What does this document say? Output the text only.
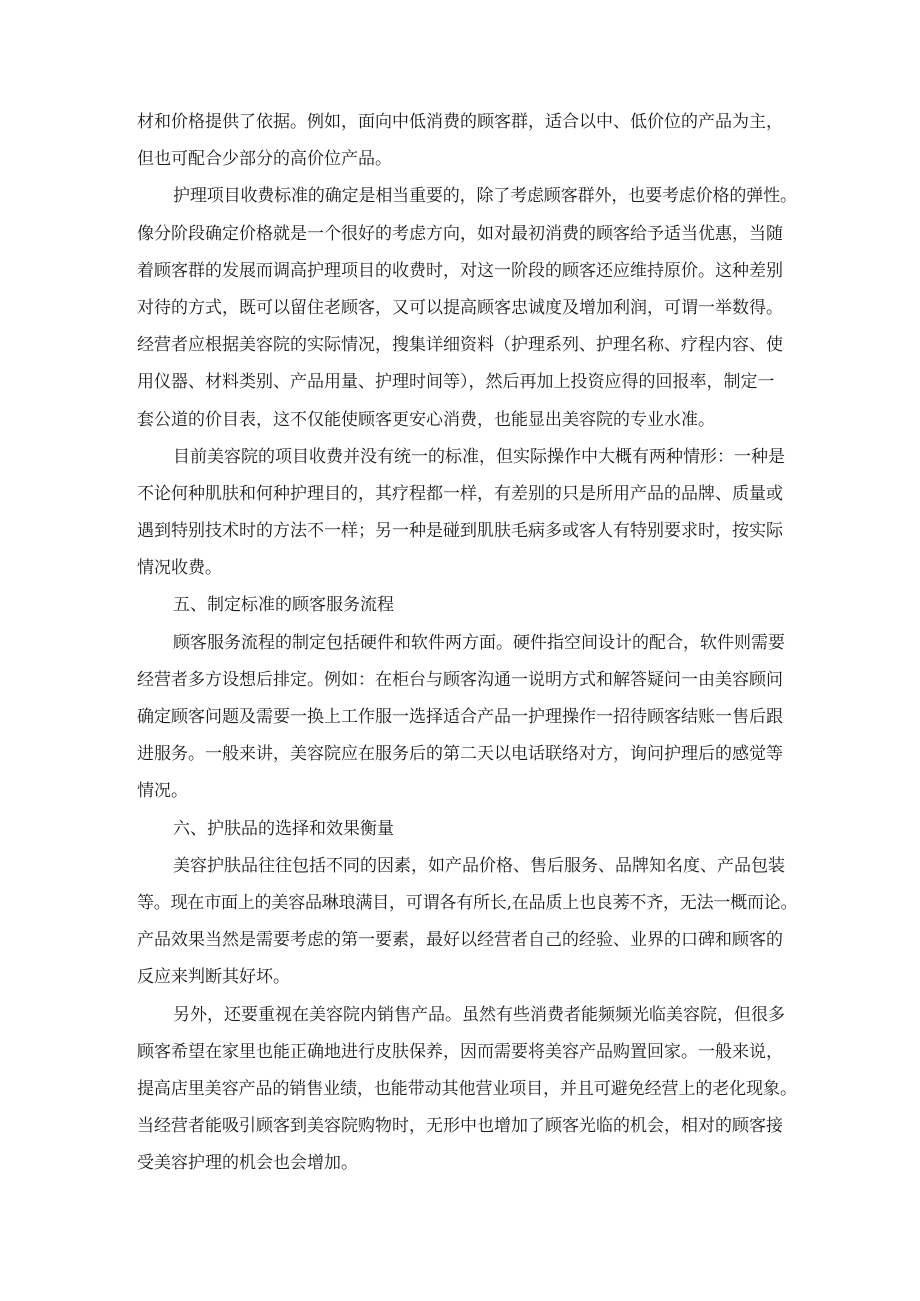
材和价格提供了依据。例如，面向中低消费的顾客群，适合以中、低价位的产品为主，
但也可配合少部分的高价位产品。
护理项目收费标准的确定是相当重要的，除了考虑顾客群外，也要考虑价格的弹性。
像分阶段确定价格就是一个很好的考虑方向，如对最初消费的顾客给予适当优惠，当随
着顾客群的发展而调高护理项目的收费时，对这一阶段的顾客还应维持原价。这种差别
对待的方式，既可以留住老顾客，又可以提高顾客忠诚度及增加利润，可谓一举数得。
经营者应根据美容院的实际情况，搜集详细资料（护理系列、护理名称、疗程内容、使
用仪器、材料类别、产品用量、护理时间等），然后再加上投资应得的回报率，制定一
套公道的价目表，这不仅能使顾客更安心消费，也能显出美容院的专业水准。
目前美容院的项目收费并没有统一的标准，但实际操作中大概有两种情形：一种是
不论何种肌肤和何种护理目的，其疗程都一样，有差别的只是所用产品的品牌、质量或
遇到特别技术时的方法不一样；另一种是碰到肌肤毛病多或客人有特别要求时，按实际
情况收费。
五、制定标准的顾客服务流程
顾客服务流程的制定包括硬件和软件两方面。硬件指空间设计的配合，软件则需要
经营者多方设想后排定。例如：在柜台与顾客沟通一说明方式和解答疑问一由美容顾问
确定顾客问题及需要一换上工作服一选择适合产品一护理操作一招待顾客结账一售后跟
进服务。一般来讲，美容院应在服务后的第二天以电话联络对方，询问护理后的感觉等
情况。
六、护肤品的选择和效果衡量
美容护肤品往往包括不同的因素，如产品价格、售后服务、品牌知名度、产品包装
等。现在市面上的美容品琳琅满目，可谓各有所长,在品质上也良莠不齐，无法一概而论。
产品效果当然是需要考虑的第一要素，最好以经营者自己的经验、业界的口碑和顾客的
反应来判断其好坏。
另外，还要重视在美容院内销售产品。虽然有些消费者能频频光临美容院，但很多
顾客希望在家里也能正确地进行皮肤保养，因而需要将美容产品购置回家。一般来说，
提高店里美容产品的销售业绩，也能带动其他营业项目，并且可避免经营上的老化现象。
当经营者能吸引顾客到美容院购物时，无形中也增加了顾客光临的机会，相对的顾客接
受美容护理的机会也会增加。
